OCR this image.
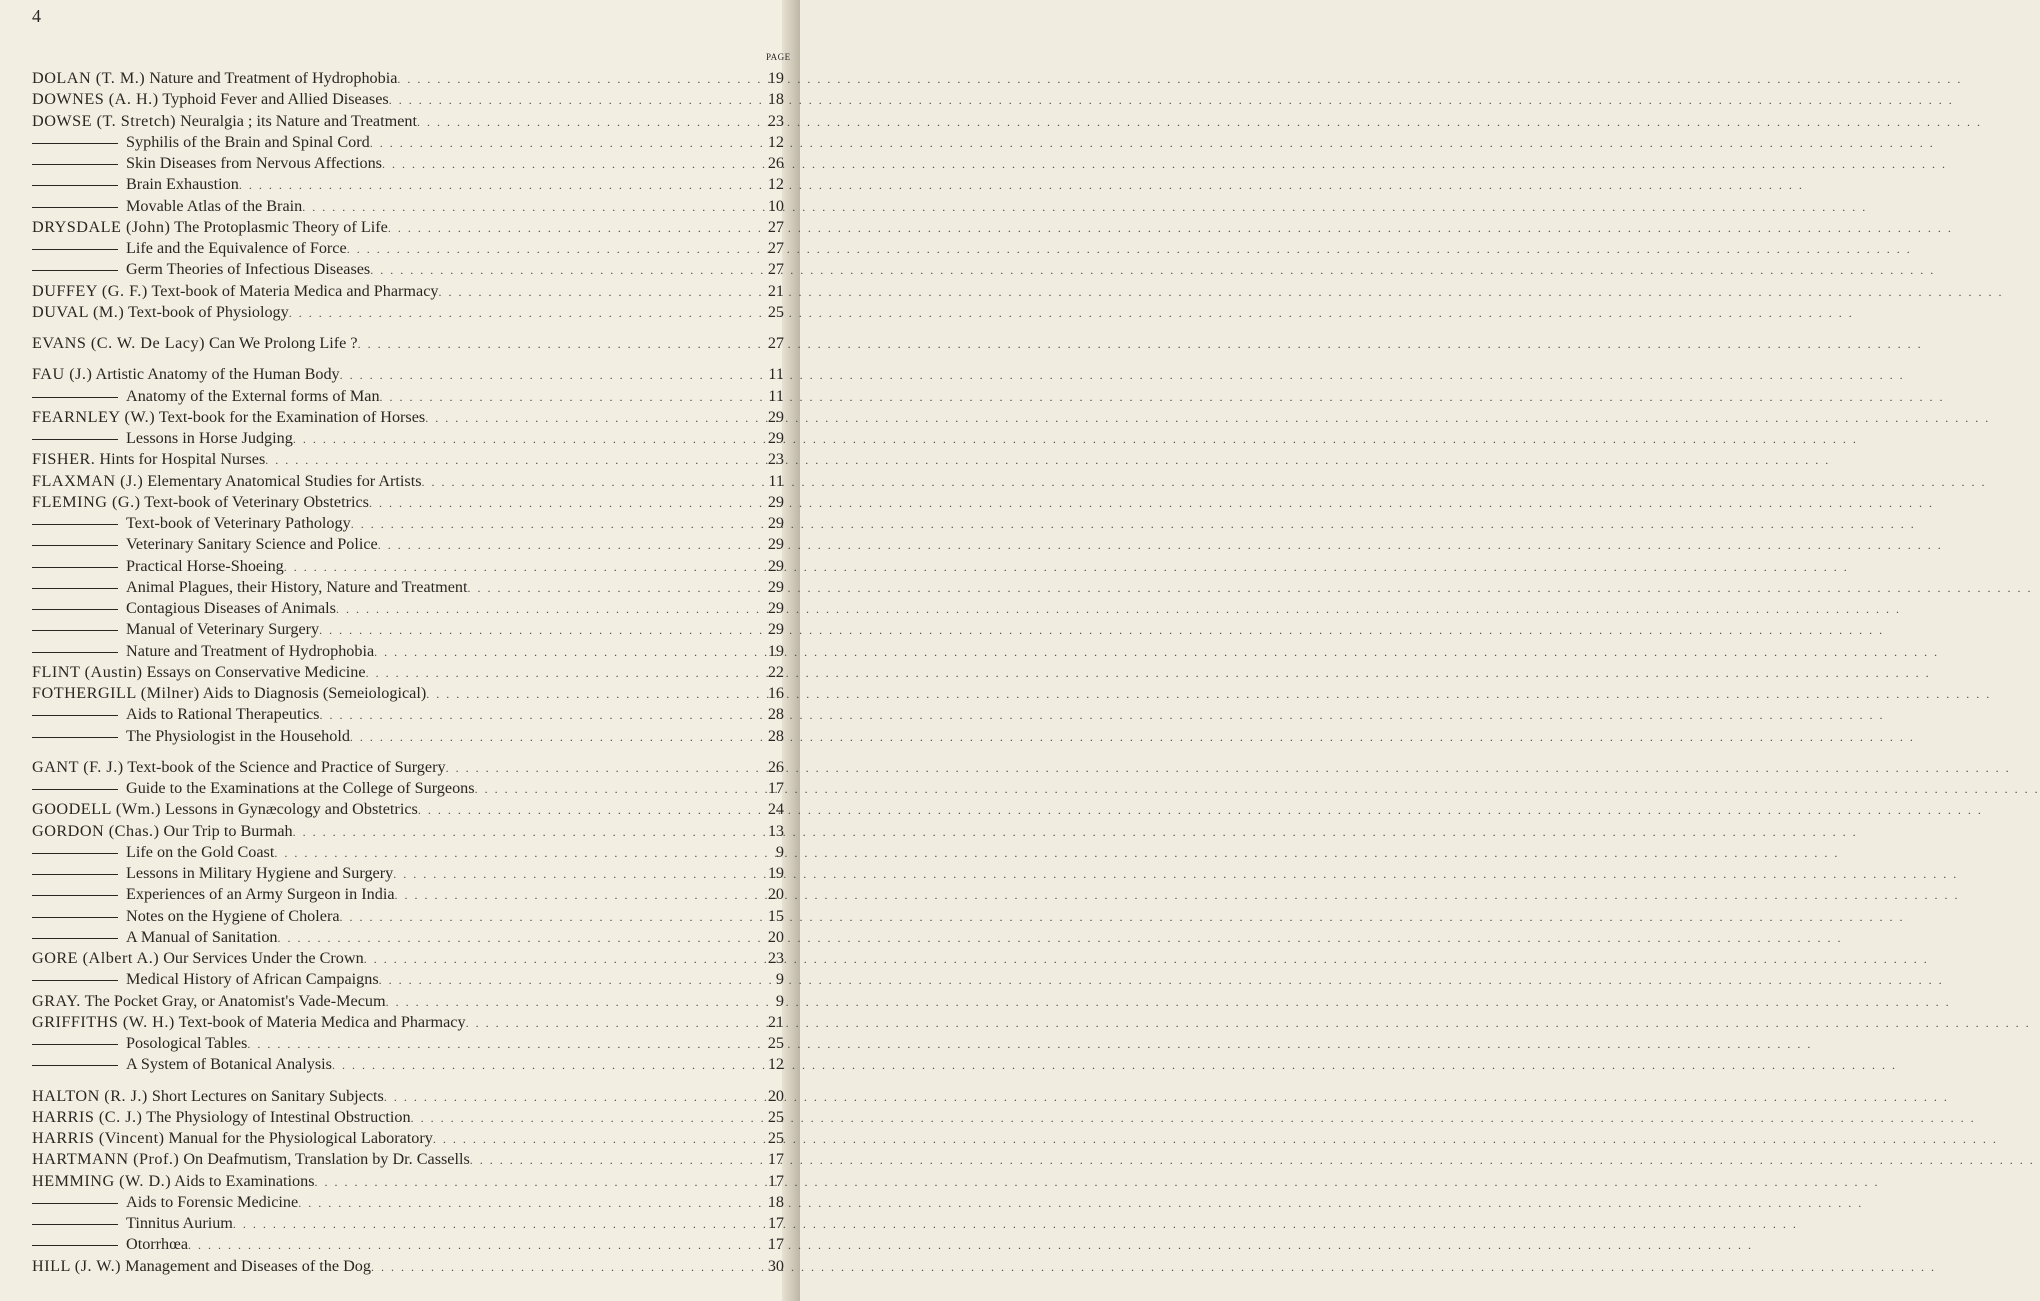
4
PAGE
DOLAN (T. M.) Nature and Treatment of Hydrophobia . . .	19
DOWNES (A. H.) Typhoid Fever and Allied Diseases . . .	18
DOWSE (T. Stretch) Neuralgia ; its Nature and Treatment . . .	23
Syphilis of the Brain and Spinal Cord . . .	12
Skin Diseases from Nervous Affections . . .	26
Brain Exhaustion . . .	12
Movable Atlas of the Brain . . .	10
DRYSDALE (John) The Protoplasmic Theory of Life . . .	27
Life and the Equivalence of Force . . .	27
Germ Theories of Infectious Diseases . . .	27
DUFFEY (G. F.) Text-book of Materia Medica and Pharmacy . . .	21
DUVAL (M.) Text-book of Physiology . . .	25
EVANS (C. W. De Lacy) Can We Prolong Life ? . . .	27
FAU (J.) Artistic Anatomy of the Human Body . . .	11
Anatomy of the External forms of Man . . .	11
FEARNLEY (W.) Text-book for the Examination of Horses . . .	29
Lessons in Horse Judging . . .	29
FISHER. Hints for Hospital Nurses . . .	23
FLAXMAN (J.) Elementary Anatomical Studies for Artists . . .	11
FLEMING (G.) Text-book of Veterinary Obstetrics . . .	29
Text-book of Veterinary Pathology . . .	29
Veterinary Sanitary Science and Police . . .	29
Practical Horse-Shoeing . . .	29
Animal Plagues, their History, Nature and Treatment . . .	29
Contagious Diseases of Animals . . .	29
Manual of Veterinary Surgery . . .	29
Nature and Treatment of Hydrophobia . . .	19
FLINT (Austin) Essays on Conservative Medicine . . .	22
FOTHERGILL (Milner) Aids to Diagnosis (Semeiological) . . .	16
Aids to Rational Therapeutics . . .	28
The Physiologist in the Household . . .	28
GANT (F. J.) Text-book of the Science and Practice of Surgery . . .	26
Guide to the Examinations at the College of Surgeons . . .	17
GOODELL (Wm.) Lessons in Gynæcology and Obstetrics . . .	24
GORDON (Chas.) Our Trip to Burmah . . .	13
Life on the Gold Coast . . .	9
Lessons in Military Hygiene and Surgery . . .	19
Experiences of an Army Surgeon in India . . .	20
Notes on the Hygiene of Cholera . . .	15
A Manual of Sanitation . . .	20
GORE (Albert A.) Our Services Under the Crown . . .	23
Medical History of African Campaigns . . .	9
GRAY. The Pocket Gray, or Anatomist's Vade-Mecum . . .	9
GRIFFITHS (W. H.) Text-book of Materia Medica and Pharmacy . . .	21
Posological Tables . . .	25
A System of Botanical Analysis . . .	12
HALTON (R. J.) Short Lectures on Sanitary Subjects . . .	20
HARRIS (C. J.) The Physiology of Intestinal Obstruction . . .	25
HARRIS (Vincent) Manual for the Physiological Laboratory . . .	25
HARTMANN (Prof.) On Deafmutism, Translation by Dr. Cassells . . .	17
HEMMING (W. D.) Aids to Examinations . . .	17
Aids to Forensic Medicine . . .	18
Tinnitus Aurium . . .	17
Otorrhœa . . .	17
HILL (J. W.) Management and Diseases of the Dog . . .	30
